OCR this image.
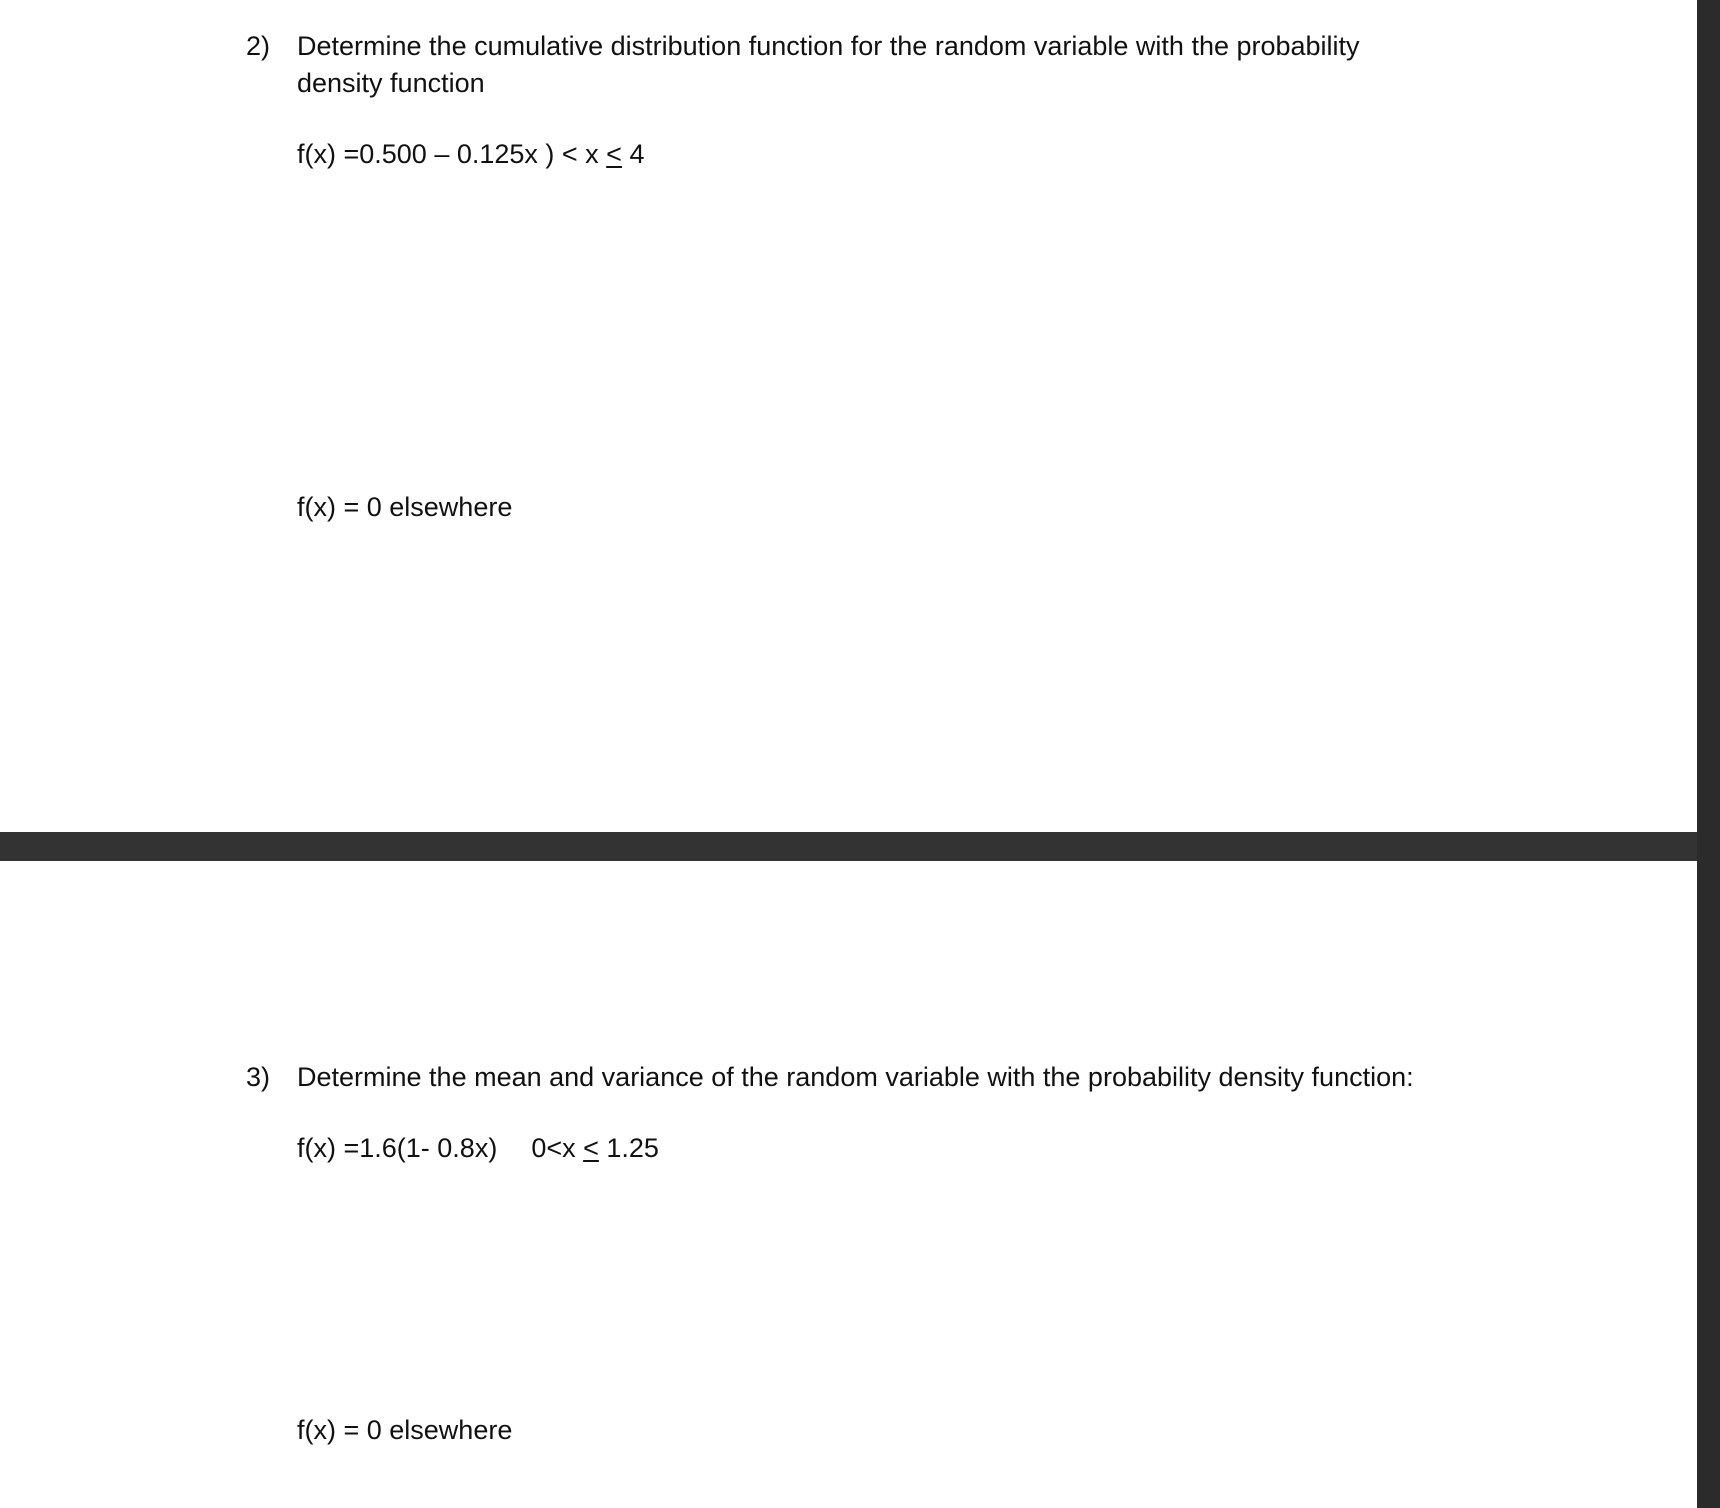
2) Determine the cumulative distribution function for the random variable with the probability
density function
f(x) =0.500 – 0.125x ) < x ≤ 4
f(x) = 0 elsewhere
3) Determine the mean and variance of the random variable with the probability density function:
f(x) =1.6(1- 0.8x) 0<x ≤ 1.25
f(x) = 0 elsewhere
